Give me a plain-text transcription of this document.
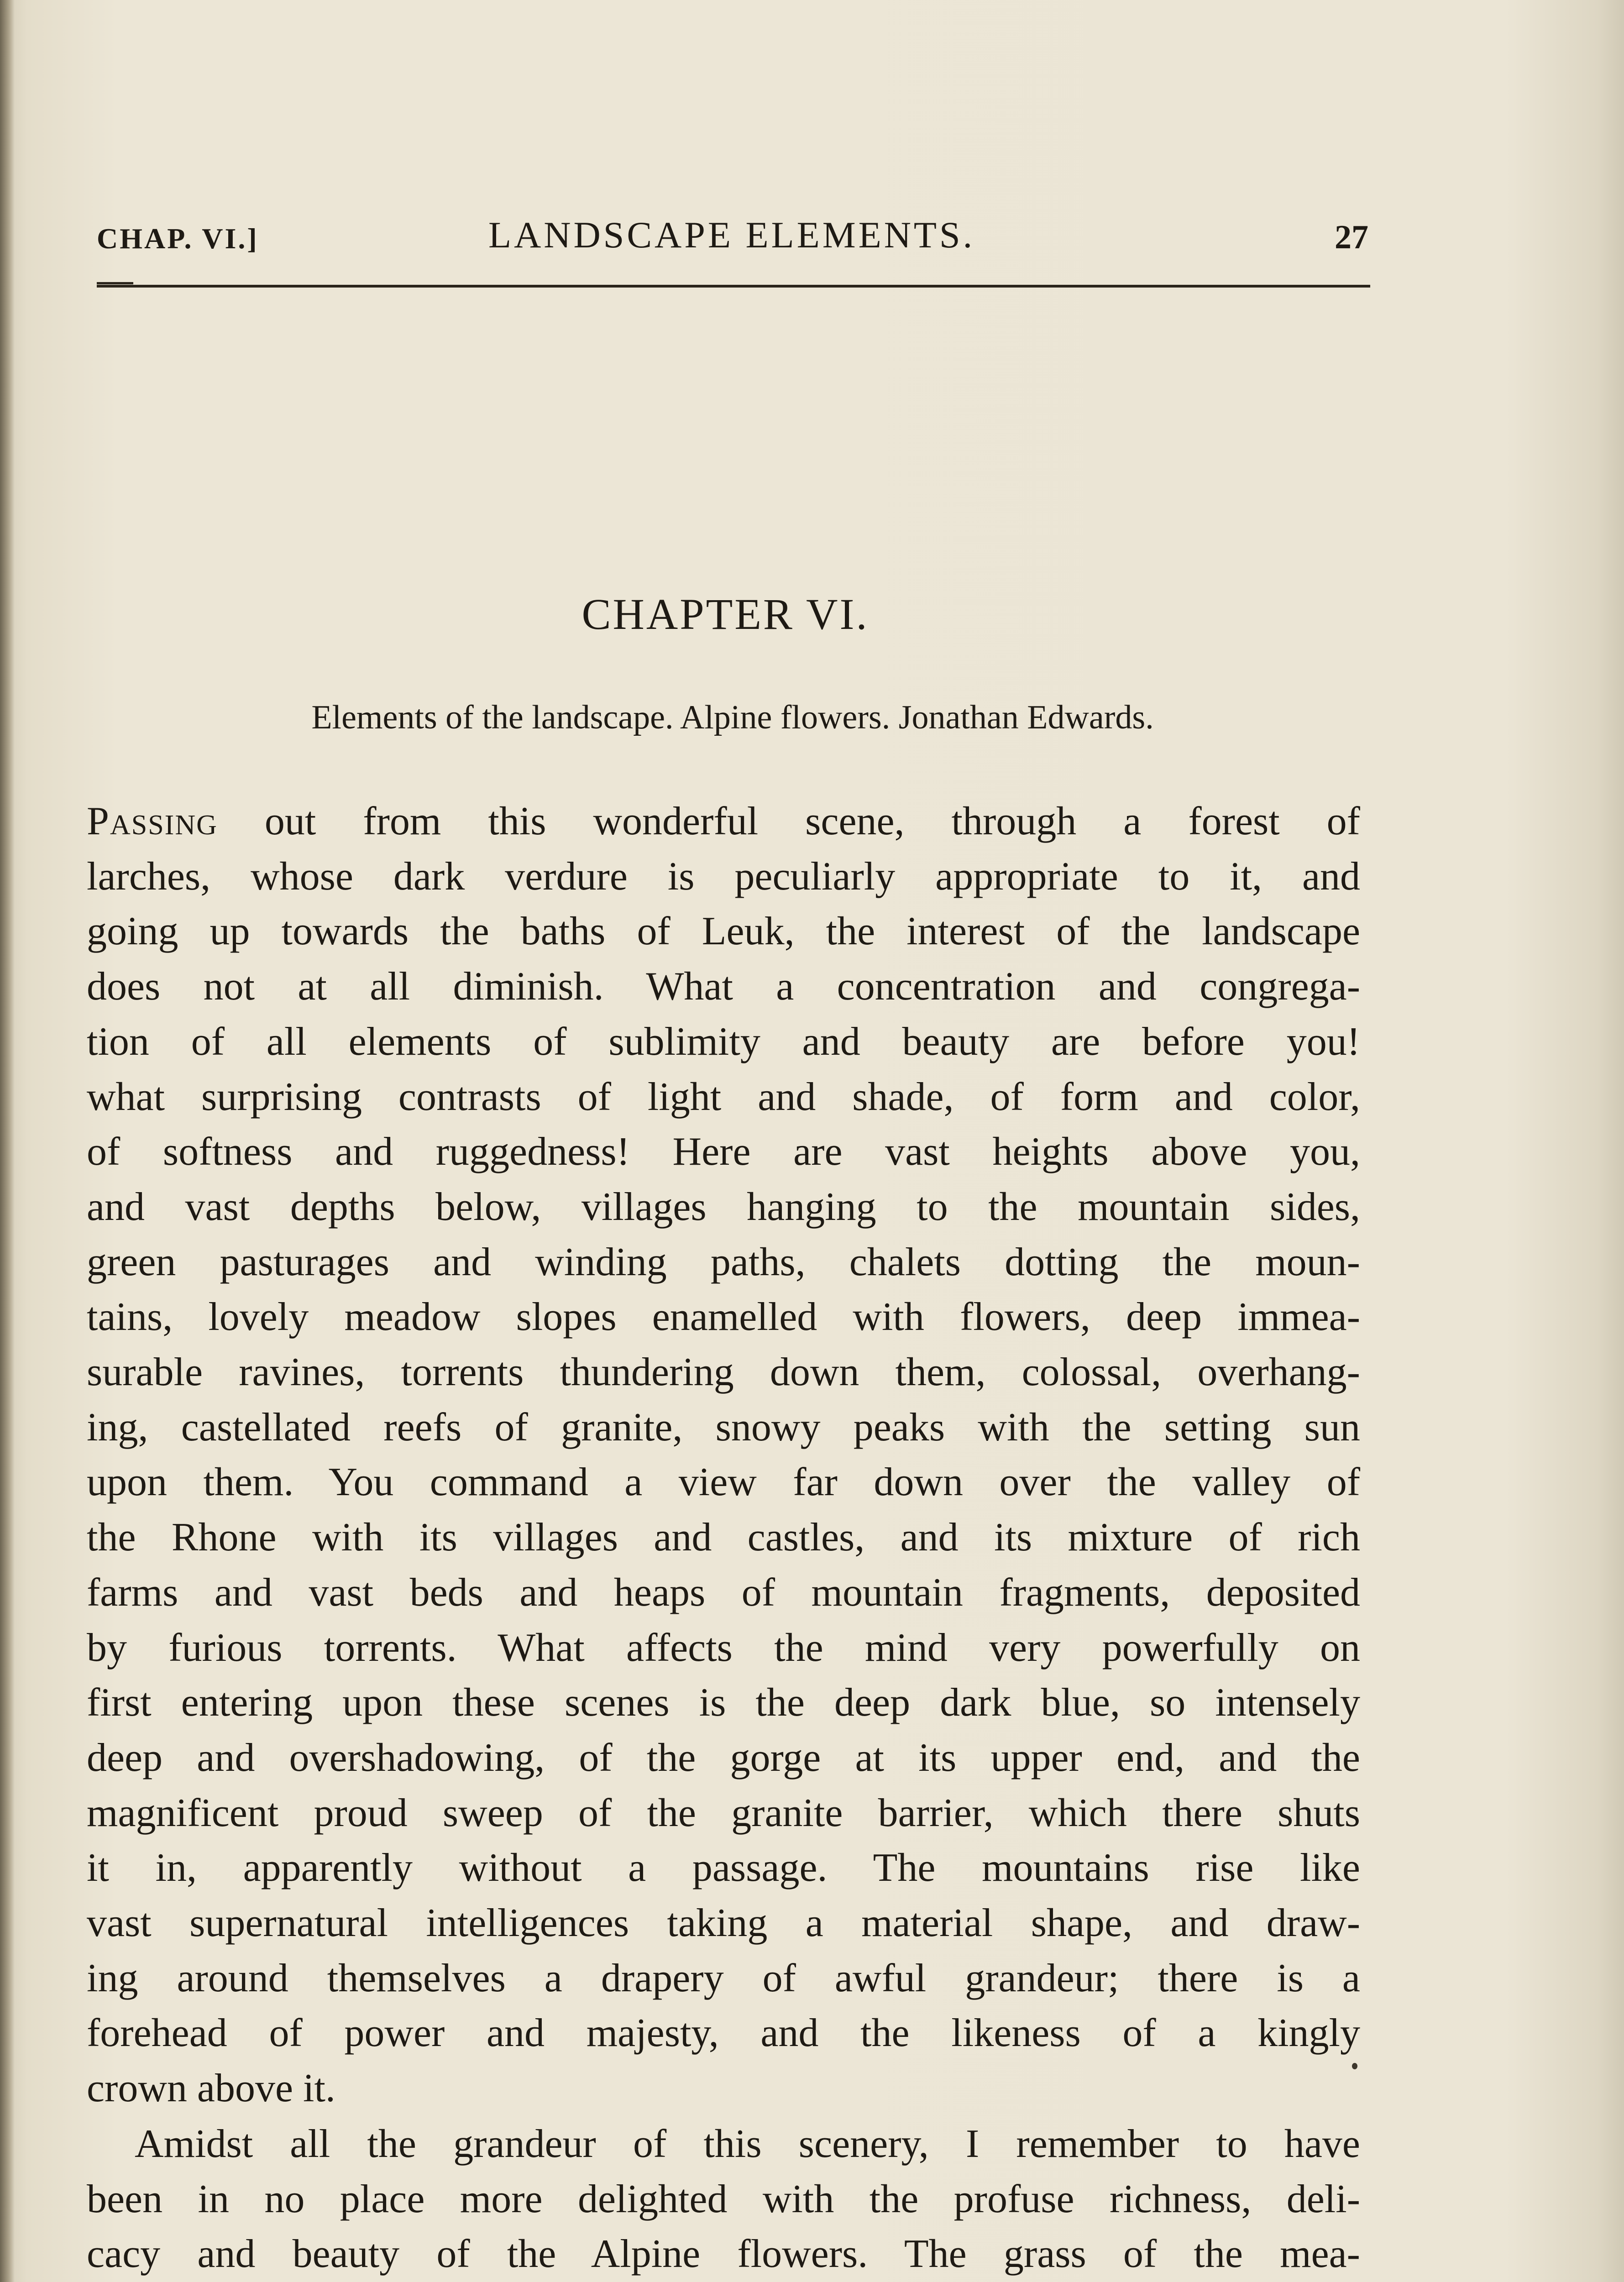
CHAP. VI.]	LANDSCAPE ELEMENTS.	27
CHAPTER VI.
Elements of the landscape. Alpine flowers. Jonathan Edwards.

Passing out from this wonderful scene, through a forest of

larches, whose dark verdure is peculiarly appropriate to it, and

going up towards the baths of Leuk, the interest of the landscape

does not at all diminish. What a concentration and congrega-

tion of all elements of sublimity and beauty are before you!

what surprising contrasts of light and shade, of form and color,

of softness and ruggedness! Here are vast heights above you,

and vast depths below, villages hanging to the mountain sides,

green pasturages and winding paths, chalets dotting the moun-

tains, lovely meadow slopes enamelled with flowers, deep immea-

surable ravines, torrents thundering down them, colossal, overhang-

ing, castellated reefs of granite, snowy peaks with the setting sun

upon them. You command a view far down over the valley of

the Rhone with its villages and castles, and its mixture of rich

farms and vast beds and heaps of mountain fragments, deposited

by furious torrents. What affects the mind very powerfully on

first entering upon these scenes is the deep dark blue, so intensely

deep and overshadowing, of the gorge at its upper end, and the

magnificent proud sweep of the granite barrier, which there shuts

it in, apparently without a passage. The mountains rise like

vast supernatural intelligences taking a material shape, and draw-

ing around themselves a drapery of awful grandeur; there is a

forehead of power and majesty, and the likeness of a kingly

crown above it.

Amidst all the grandeur of this scenery, I remember to have

been in no place more delighted with the profuse richness, deli-

cacy and beauty of the Alpine flowers. The grass of the mea-
